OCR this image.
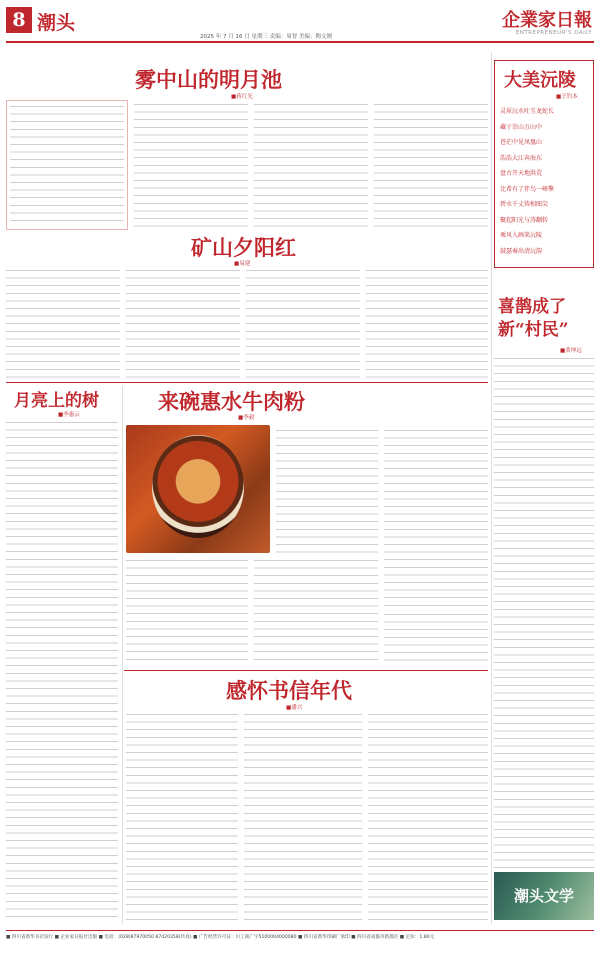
8 潮头
2025 年 7 月 16 日 星期三 责编：周智 美编：陶文刚
企業家日報
ENTREPRENEUR'S DAILY
雾中山的明月池
■蒋红光
矿山夕阳红
■易建
月亮上的树
■李惠云
来碗惠水牛肉粉
■李毅
感怀书信年代
■潘兴
大美沅陵
■王钓本
灵犀沅水吐玉龙蛇长
藏于崇山万山中
苍茫中见凤凰山
浩浩大江奔海东
盘古开天地洪荒
比希有了伴鸟一峰擎
碧水千丈铸相图尖
聚起阳光与涛翻转
乘风入画来沅陵
鼓瑟奏出清沅韵
喜鹊成了新“村民”
■黄坤远
潮头文学
■ 四川省新华书店发行 ■ 企业家日报社出版 ■ 电话：(028)87970050 87420358(传真) ■ 广告经营许可证：川工商广字5100004000080 ■ 四川省新华印刷厂承印 ■ 四川省成都市新都区 ■ 定价：1.80元
